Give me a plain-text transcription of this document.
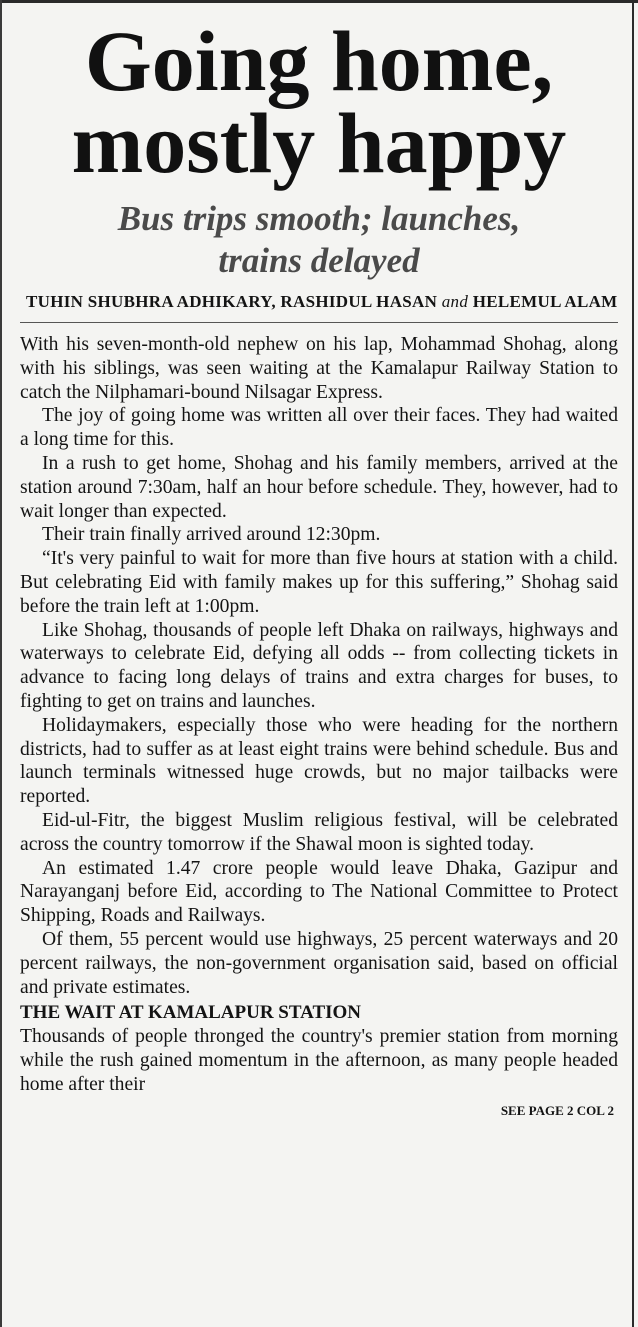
Going home,
mostly happy
Bus trips smooth; launches,
trains delayed
TUHIN SHUBHRA ADHIKARY, RASHIDUL HASAN and HELEMUL ALAM

With his seven-month-old nephew on his lap, Mohammad Shohag, along with his siblings, was seen waiting at the Kamalapur Railway Station to catch the Nilphamari-bound Nilsagar Express.

The joy of going home was written all over their faces. They had waited a long time for this.

In a rush to get home, Shohag and his family members, arrived at the station around 7:30am, half an hour before schedule. They, however, had to wait longer than expected.

Their train finally arrived around 12:30pm.

“It's very painful to wait for more than five hours at station with a child. But celebrating Eid with family makes up for this suffering,” Shohag said before the train left at 1:00pm.

Like Shohag, thousands of people left Dhaka on railways, highways and waterways to celebrate Eid, defying all odds -- from collecting tickets in advance to facing long delays of trains and extra charges for buses, to fighting to get on trains and launches.

Holidaymakers, especially those who were heading for the northern districts, had to suffer as at least eight trains were behind schedule. Bus and launch terminals witnessed huge crowds, but no major tailbacks were reported.

Eid-ul-Fitr, the biggest Muslim religious festival, will be celebrated across the country tomorrow if the Shawal moon is sighted today.

An estimated 1.47 crore people would leave Dhaka, Gazipur and Narayanganj before Eid, according to The National Committee to Protect Shipping, Roads and Railways.

Of them, 55 percent would use highways, 25 percent waterways and 20 percent railways, the non-government organisation said, based on official and private estimates.

THE WAIT AT KAMALAPUR STATION

Thousands of people thronged the country's premier station from morning while the rush gained momentum in the afternoon, as many people headed home after their

SEE PAGE 2 COL 2
